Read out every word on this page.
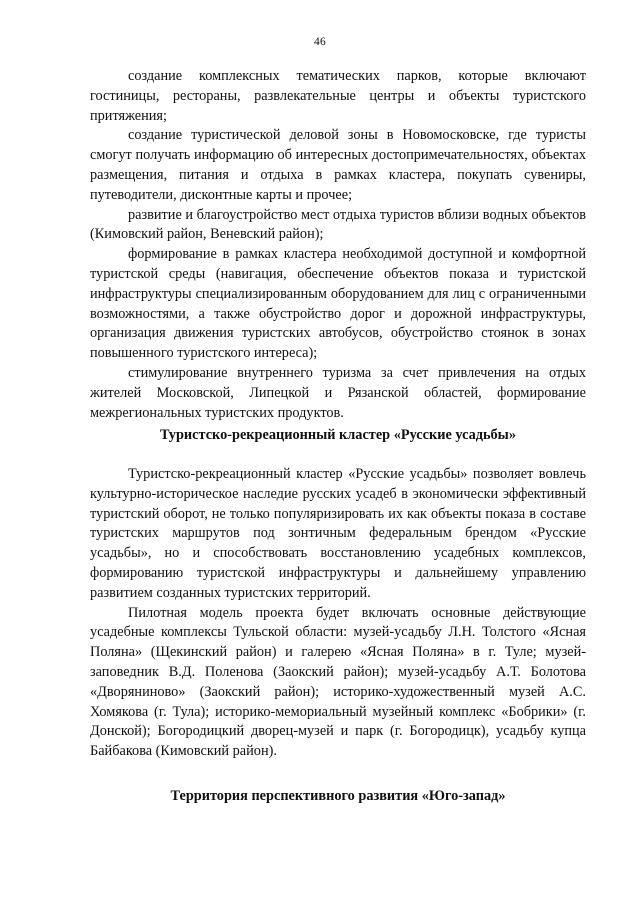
46

создание комплексных тематических парков, которые включают гостиницы, рестораны, развлекательные центры и объекты туристского притяжения;

создание туристической деловой зоны в Новомосковске, где туристы смогут получать информацию об интересных достопримечательностях, объектах размещения, питания и отдыха в рамках кластера, покупать сувениры, путеводители, дисконтные карты и прочее;

развитие и благоустройство мест отдыха туристов вблизи водных объектов (Кимовский район, Веневский район);

формирование в рамках кластера необходимой доступной и комфортной туристской среды (навигация, обеспечение объектов показа и туристской инфраструктуры специализированным оборудованием для лиц с ограниченными возможностями, а также обустройство дорог и дорожной инфраструктуры, организация движения туристских автобусов, обустройство стоянок в зонах повышенного туристского интереса);

стимулирование внутреннего туризма за счет привлечения на отдых жителей Московской, Липецкой и Рязанской областей, формирование межрегиональных туристских продуктов.

Туристско-рекреационный кластер «Русские усадьбы»

Туристско-рекреационный кластер «Русские усадьбы» позволяет вовлечь культурно-историческое наследие русских усадеб в экономически эффективный туристский оборот, не только популяризировать их как объекты показа в составе туристских маршрутов под зонтичным федеральным брендом «Русские усадьбы», но и способствовать восстановлению усадебных комплексов, формированию туристской инфраструктуры и дальнейшему управлению развитием созданных туристских территорий.

Пилотная модель проекта будет включать основные действующие усадебные комплексы Тульской области: музей-усадьбу Л.Н. Толстого «Ясная Поляна» (Щекинский район) и галерею «Ясная Поляна» в г. Туле; музей-заповедник В.Д. Поленова (Заокский район); музей-усадьбу А.Т. Болотова «Дворяниново» (Заокский район); историко-художественный музей А.С. Хомякова (г. Тула); историко-мемориальный музейный комплекс «Бобрики» (г. Донской); Богородицкий дворец-музей и парк (г. Богородицк), усадьбу купца Байбакова (Кимовский район).

Территория перспективного развития «Юго-запад»
